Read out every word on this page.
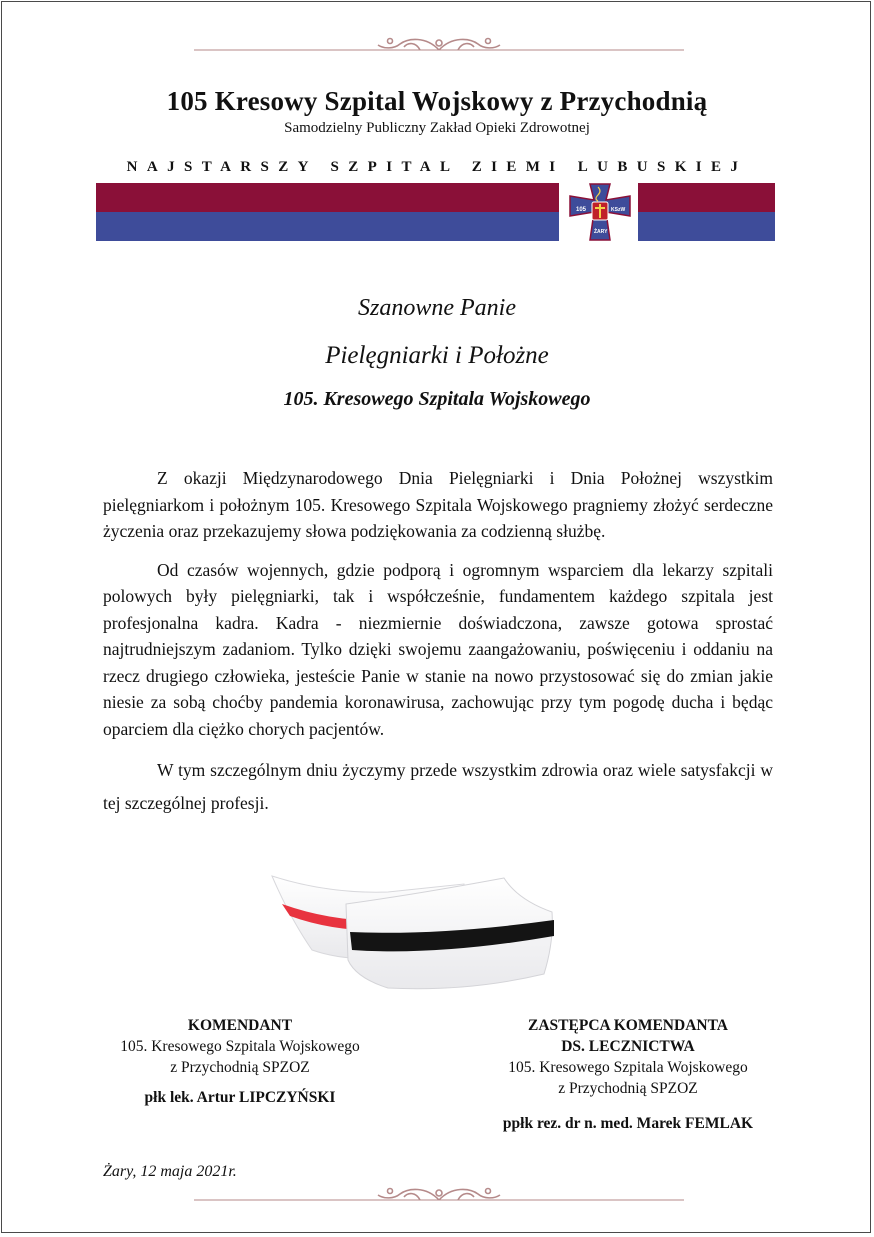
105 Kresowy Szpital Wojskowy z Przychodnią
Samodzielny Publiczny Zakład Opieki Zdrowotnej
NAJSTARSZY SZPITAL ZIEMI LUBUSKIEJ
105	KSzW
ŻARY
Szanowne Panie
Pielęgniarki i Położne
105. Kresowego Szpitala Wojskowego

Z okazji Międzynarodowego Dnia Pielęgniarki i Dnia Położnej wszystkim pielęgniarkom i położnym 105. Kresowego Szpitala Wojskowego pragniemy złożyć serdeczne życzenia oraz przekazujemy słowa podziękowania za codzienną służbę.

Od czasów wojennych, gdzie podporą i ogromnym wsparciem dla lekarzy szpitali polowych były pielęgniarki, tak i współcześnie, fundamentem każdego szpitala jest profesjonalna kadra. Kadra - niezmiernie doświadczona, zawsze gotowa sprostać najtrudniejszym zadaniom. Tylko dzięki swojemu zaangażowaniu, poświęceniu i oddaniu na rzecz drugiego człowieka, jesteście Panie w stanie na nowo przystosować się do zmian jakie niesie za sobą choćby pandemia koronawirusa, zachowując przy tym pogodę ducha i będąc oparciem dla ciężko chorych pacjentów.

W tym szczególnym dniu życzymy przede wszystkim zdrowia oraz wiele satysfakcji w tej szczególnej profesji.

KOMENDANT
105. Kresowego Szpitala Wojskowego
z Przychodnią SPZOZ
płk lek. Artur LIPCZYŃSKI
ZASTĘPCA KOMENDANTA
DS. LECZNICTWA
105. Kresowego Szpitala Wojskowego
z Przychodnią SPZOZ
ppłk rez. dr n. med. Marek FEMLAK
Żary, 12 maja 2021r.
